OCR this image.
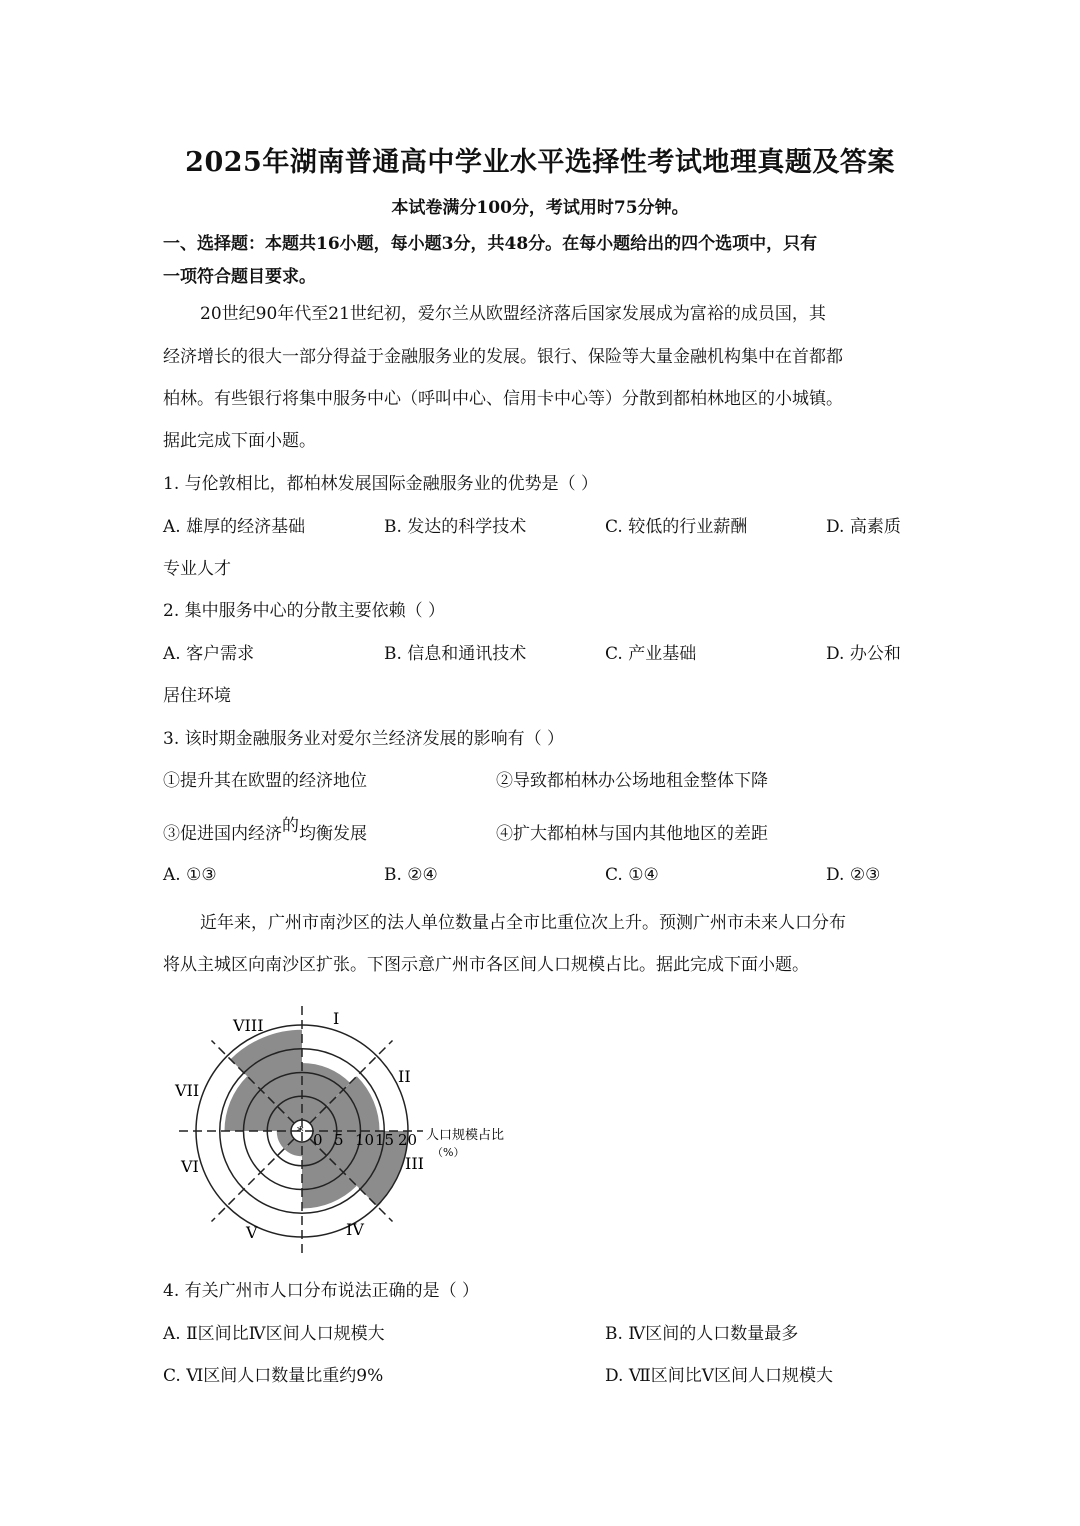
2025年湖南普通高中学业水平选择性考试地理真题及答案
本试卷满分100分，考试用时75分钟。
一、选择题：本题共16小题，每小题3分，共48分。在每小题给出的四个选项中，只有
一项符合题目要求。
20世纪90年代至21世纪初，爱尔兰从欧盟经济落后国家发展成为富裕的成员国，其
经济增长的很大一部分得益于金融服务业的发展。银行、保险等大量金融机构集中在首都都
柏林。有些银行将集中服务中心（呼叫中心、信用卡中心等）分散到都柏林地区的小城镇。
据此完成下面小题。
1. 与伦敦相比，都柏林发展国际金融服务业的优势是（ ）
A. 雄厚的经济基础	B. 发达的科学技术	C. 较低的行业薪酬	D. 高素质
专业人才
2. 集中服务中心的分散主要依赖（ ）
A. 客户需求	B. 信息和通讯技术	C. 产业基础	D. 办公和
居住环境
3. 该时期金融服务业对爱尔兰经济发展的影响有（ ）
①提升其在欧盟的经济地位	②导致都柏林办公场地租金整体下降
③促进国内经济的均衡发展	④扩大都柏林与国内其他地区的差距
A. ①③	B. ②④	C. ①④	D. ②③
近年来，广州市南沙区的法人单位数量占全市比重位次上升。预测广州市未来人口分布
将从主城区向南沙区扩张。下图示意广州市各区间人口规模占比。据此完成下面小题。
*
I
II
III
IV
V
VI
VII
VIII
0 5 10 15 20 人口规模占比
（%）
4. 有关广州市人口分布说法正确的是（ ）
A. Ⅱ区间比Ⅳ区间人口规模大	B. Ⅳ区间的人口数量最多
C. Ⅵ区间人口数量比重约9%	D. Ⅶ区间比Ⅴ区间人口规模大
